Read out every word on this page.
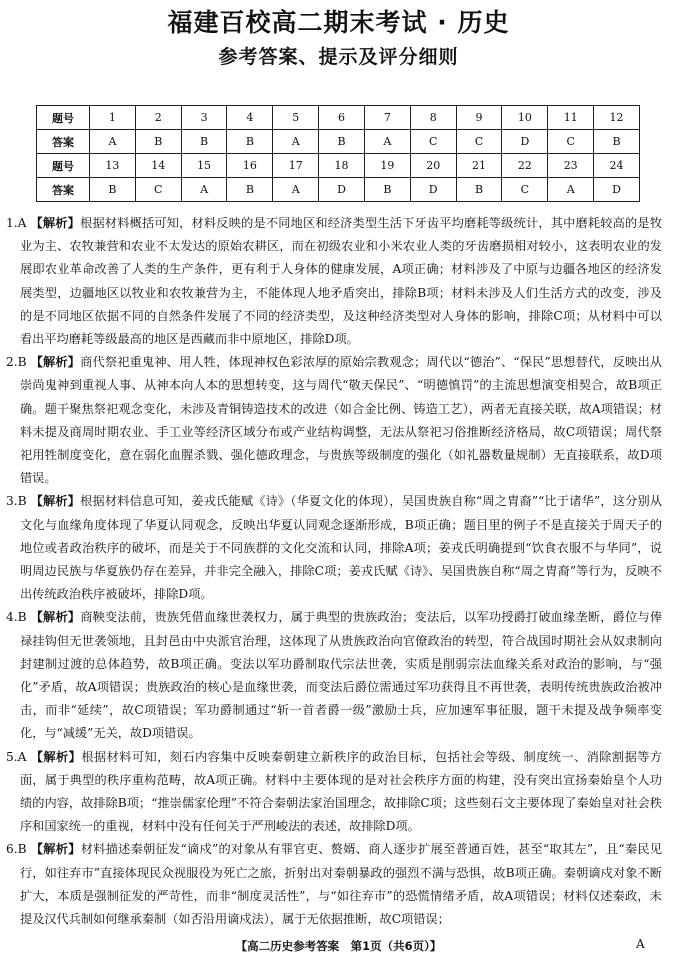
福建百校高二期末考试 · 历史
参考答案、提示及评分细则
题号	1	2	3	4	5	6	7	8	9	10	11	12
答案	A	B	B	B	A	B	A	C	C	D	C	B
题号	13	14	15	16	17	18	19	20	21	22	23	24
答案	B	C	A	B	A	D	B	D	B	C	A	D
1.A 【解析】根据材料概括可知，材料反映的是不同地区和经济类型生活下牙齿平均磨耗等级统计，其中磨耗较高的是牧业为主、农牧兼营和农业不太发达的原始农耕区，而在初级农业和小米农业人类的牙齿磨损相对较小，这表明农业的发展即农业革命改善了人类的生产条件，更有利于人身体的健康发展，A项正确；材料涉及了中原与边疆各地区的经济发展类型，边疆地区以牧业和农牧兼营为主，不能体现人地矛盾突出，排除B项；材料未涉及人们生活方式的改变，涉及的是不同地区依据不同的自然条件发展了不同的经济类型，及这种经济类型对人身体的影响，排除C项；从材料中可以看出平均磨耗等级最高的地区是西藏而非中原地区，排除D项。
2.B 【解析】商代祭祀重鬼神、用人牲，体现神权色彩浓厚的原始宗教观念；周代以“德治”、“保民”思想替代，反映出从崇尚鬼神到重视人事、从神本向人本的思想转变，这与周代“敬天保民”、“明德慎罚”的主流思想演变相契合，故B项正确。题干聚焦祭祀观念变化，未涉及青铜铸造技术的改进（如合金比例、铸造工艺），两者无直接关联，故A项错误；材料未提及商周时期农业、手工业等经济区域分布或产业结构调整，无法从祭祀习俗推断经济格局，故C项错误；周代祭祀用牲制度变化，意在弱化血腥杀戮、强化德政理念，与贵族等级制度的强化（如礼器数量规制）无直接联系，故D项错误。
3.B 【解析】根据材料信息可知，姜戎氏能赋《诗》（华夏文化的体现），吴国贵族自称“周之胄裔”“比于诸华”，这分别从文化与血缘角度体现了华夏认同观念，反映出华夏认同观念逐渐形成，B项正确；题目里的例子不是直接关于周天子的地位或者政治秩序的破坏，而是关于不同族群的文化交流和认同，排除A项；姜戎氏明确提到“饮食衣服不与华同”，说明周边民族与华夏族仍存在差异，并非完全融入，排除C项；姜戎氏赋《诗》、吴国贵族自称“周之胄裔”等行为，反映不出传统政治秩序被破坏，排除D项。
4.B 【解析】商鞅变法前，贵族凭借血缘世袭权力，属于典型的贵族政治；变法后，以军功授爵打破血缘垄断，爵位与俸禄挂钩但无世袭领地，且封邑由中央派官治理，这体现了从贵族政治向官僚政治的转型，符合战国时期社会从奴隶制向封建制过渡的总体趋势，故B项正确。变法以军功爵制取代宗法世袭，实质是削弱宗法血缘关系对政治的影响，与“强化”矛盾，故A项错误；贵族政治的核心是血缘世袭，而变法后爵位需通过军功获得且不再世袭，表明传统贵族政治被冲击，而非“延续”，故C项错误；军功爵制通过“斩一首者爵一级”激励士兵，应加速军事征服，题干未提及战争频率变化，与“减缓”无关，故D项错误。
5.A 【解析】根据材料可知，刻石内容集中反映秦朝建立新秩序的政治目标，包括社会等级、制度统一、消除割据等方面，属于典型的秩序重构范畴，故A项正确。材料中主要体现的是对社会秩序方面的构建，没有突出宣扬秦始皇个人功绩的内容，故排除B项；“推崇儒家伦理”不符合秦朝法家治国理念，故排除C项；这些刻石文主要体现了秦始皇对社会秩序和国家统一的重视，材料中没有任何关于严刑峻法的表述，故排除D项。
6.B 【解析】材料描述秦朝征发“谪戍”的对象从有罪官吏、赘婿、商人逐步扩展至普通百姓，甚至“取其左”，且“秦民见行，如往弃市”直接体现民众视服役为死亡之旅，折射出对秦朝暴政的强烈不满与恐惧，故B项正确。秦朝谪戍对象不断扩大，本质是强制征发的严苛性，而非“制度灵活性”，与“如往弃市”的恐慌情绪矛盾，故A项错误；材料仅述秦政，未提及汉代兵制如何继承秦制（如否沿用谪戍法），属于无依据推断，故C项错误；
【高二历史参考答案　第1页（共6页）】	A
